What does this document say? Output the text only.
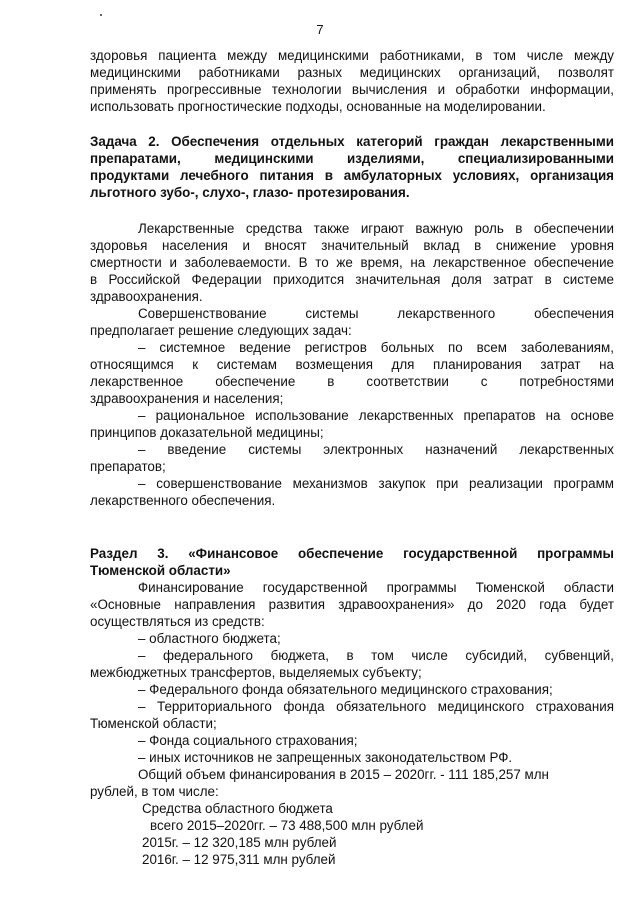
7
здоровья пациента между медицинскими работниками, в том числе между
медицинскими работниками разных медицинских организаций, позволят
применять прогрессивные технологии вычисления и обработки информации,
использовать прогностические подходы, основанные на моделировании.
Задача 2. Обеспечения отдельных категорий граждан лекарственными
препаратами, медицинскими изделиями, специализированными
продуктами лечебного питания в амбулаторных условиях, организация
льготного зубо-, слухо-, глазо- протезирования.
Лекарственные средства также играют важную роль в обеспечении
здоровья населения и вносят значительный вклад в снижение уровня
смертности и заболеваемости. В то же время, на лекарственное обеспечение
в Российской Федерации приходится значительная доля затрат в системе
здравоохранения.
Совершенствование системы лекарственного обеспечения
предполагает решение следующих задач:
– системное ведение регистров больных по всем заболеваниям,
относящимся к системам возмещения для планирования затрат на
лекарственное обеспечение в соответствии с потребностями
здравоохранения и населения;
– рациональное использование лекарственных препаратов на основе
принципов доказательной медицины;
– введение системы электронных назначений лекарственных
препаратов;
– совершенствование механизмов закупок при реализации программ
лекарственного обеспечения.
Раздел 3. «Финансовое обеспечение государственной программы
Тюменской области»
Финансирование государственной программы Тюменской области
«Основные направления развития здравоохранения» до 2020 года будет
осуществляться из средств:
– областного бюджета;
– федерального бюджета, в том числе субсидий, субвенций,
межбюджетных трансфертов, выделяемых субъекту;
– Федерального фонда обязательного медицинского страхования;
– Территориального фонда обязательного медицинского страхования
Тюменской области;
– Фонда социального страхования;
– иных источников не запрещенных законодательством РФ.
Общий объем финансирования в 2015 – 2020гг. - 111 185,257 млн
рублей, в том числе:
Средства областного бюджета
всего 2015–2020гг. – 73 488,500 млн рублей
2015г. – 12 320,185 млн рублей
2016г. – 12 975,311 млн рублей
